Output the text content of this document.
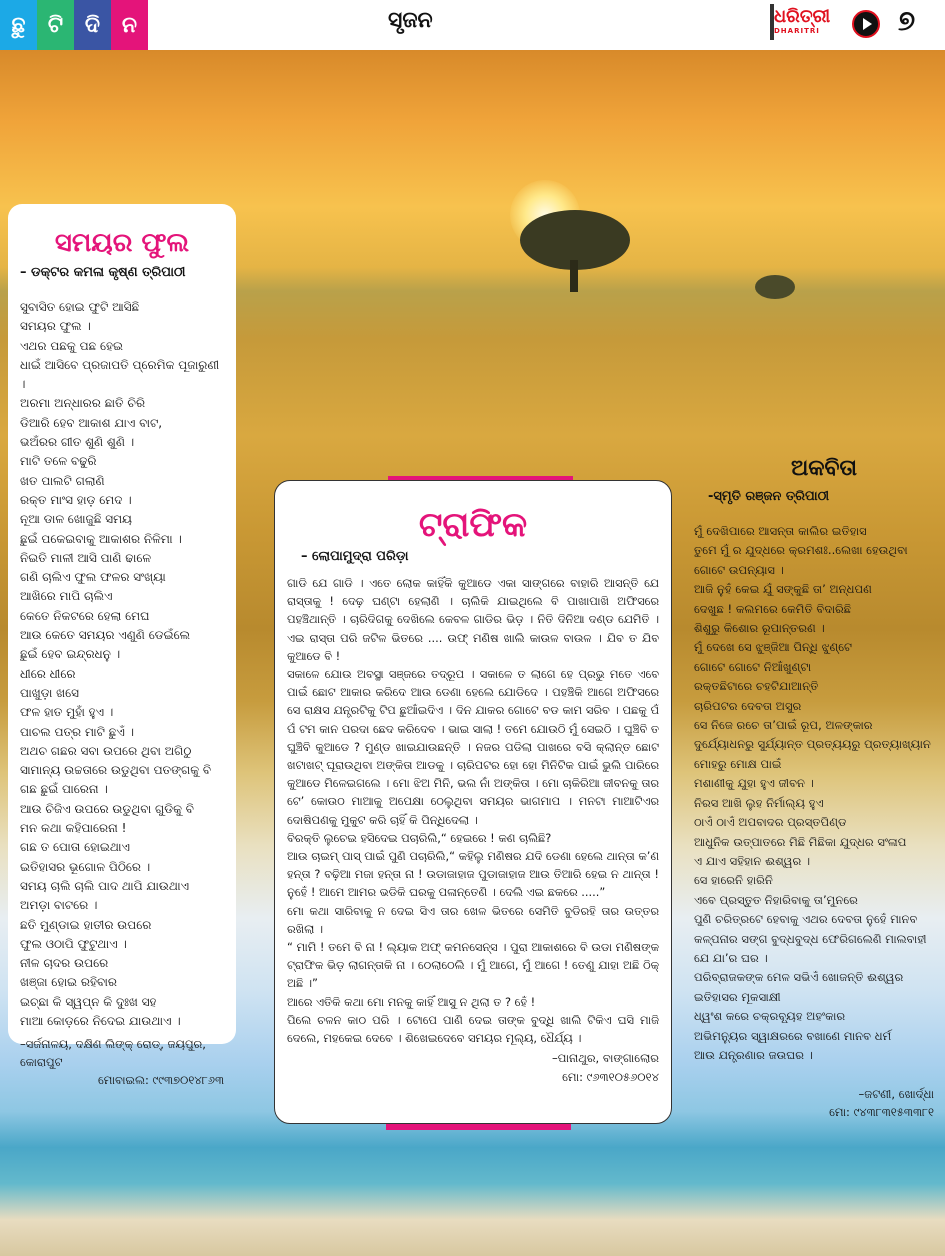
ଛୁ	ଟି ଦି ନ	ସୃଜନ	ଧରିତ୍ରୀ
DHARITRI	୭
ସମୟର ଫୁଲ
– ଡକ୍ଟର କମଳା କୃଷ୍ଣ ତ୍ରିପାଠୀ
ସୁବାସିତ ହୋଇ ଫୁଟି ଆସିଛି
ସମୟର ଫୁଲ ।
ଏଥର ପଛକୁ ପଛ ହେଇ
ଧାଇଁ ଆସିବେ ପ୍ରଜାପତି ପ୍ରେମିକ ପୂଜାରୁଣୀ ।
ଅରମା ଅନ୍ଧାରର ଛାତି ଚିରି
ଡିଆରି ହେବ ଆକାଶ ଯାଏ ବାଟ,
ଭଅଁରର ଗୀତ ଶୁଣି ଶୁଣି ।
ମାଟି ତଳେ ବଢୁରି
ଖତ ପାଲଟି ଗଲାଣି
ରକ୍ତ ମାଂସ ହାଡ଼ ମେଦ ।
ନୂଆ ଡାଳ ଖୋଜୁଛି ସମୟ
ଛୁଇଁ ପକେଇବାକୁ ଆକାଶର ନିଳିମା ।
ନିଇତି ମାଳୀ ଆସି ପାଣି ଢାଳେ
ଗଣି ଚାଲିଏ ଫୁଲ ଫଳର ସଂଖ୍ୟା
ଆଖିରେ ମାପି ଚାଲିଏ
କେତେ ନିକଟରେ ହେଲା ମେଘ
ଆଉ କେତେ ସମୟର ଏଣୁଣି ଡେଇଁଲେ
ଛୁଇଁ ହେବ ଇନ୍ଦ୍ରଧନୁ ।
ଧୀରେ ଧୀରେ
ପାଖୁଡ଼ା ଖସେ
ଫଳ ହାତ ମୁହାଁ ହୁଏ ।
ପାଚଲ ପତ୍ର ମାଟି ଛୁଏଁ ।
ଅଥଚ ଗଛର ସବା ଉପରେ ଥିବା ଅଗିଠୁ
ସାମାନ୍ୟ ଉଚ୍ଚତାରେ ଉଡୁଥିବା ପତଙ୍ଗକୁ ବି
ଗଛ ଛୁଇଁ ପାରେନା ।
ଆଉ ଚିଜିଏ ଉପରେ ଉଡୁଥିବା ଗୁଡିକୁ ବି
ମନ କଥା କହିପାରେନା !
ଗଛ ତ ପୋତା ହୋଇଥାଏ
ଇତିହାସର ଭୂଗୋଳ ପିଠିରେ ।
ସମୟ ଚାଲି ଚାଲି ପାଦ ଥାପି ଯାଉଥାଏ
ଅମଡ଼ା ବାଟରେ ।
ଛତି ମୁଣ୍ଡାଇ ହାତୀର ଉପରେ
ଫୁଲ ଓଠାପି ଫୁଟୁଥାଏ ।
ନୀଳ ଚାଦର ଉପରେ
ଖଞ୍ଜା ହୋଇ ରହିବାର
ଇଚ୍ଛା କି ସ୍ୱପ୍ନ କି ଦୁଃଖ ସହ
ମାଆ କୋଡ଼ରେ ନିଦେଇ ଯାଉଥାଏ ।
–ସର୍ଜନାଳୟ, ଦକ୍ଷିଣ ଲିଙ୍କ୍ ରୋଡ୍, ଜୟପୁର,
କୋରାପୁଟ
ମୋବାଇଲ: ୯୯୩୭୦୧୪୮୬୩
ଟ୍ରାଫିକ
– ଲୋପାମୁଦ୍ରା ପରିଡ଼ା

ଗାଡି ଯେ ଗାଡି । ଏତେ ଲୋକ କାହିଁକି କୁଆଡେ ଏକା ସାଙ୍ଗରେ ବାହାରି ଆସନ୍ତି ଯେ ରାସ୍ତାକୁ ! ଦେଢ଼ ଘଣ୍ଟା ହେଲାଣି । ଚାଲିକି ଯାଇଥିଲେ ବି ପାଖାପାଖି ଅଫିସରେ ପହଞ୍ଚିଥାନ୍ତି । ଚାରିଦିଗକୁ ଦେଖିଲେ କେବଳ ଗାଡିର ଭିଡ଼ । ନିତି ଦିନିଆ ଦଣ୍ଡ ଯେମିତି । ଏଇ ରାସ୍ତା ପରି ଜଟିଳ ଭିତରେ .... ଉଫ୍ ମଣିଷ ଖାଲି କାଉଳ ବାଉଳ । ଯିବ ତ ଯିବ କୁଆଡେ ବି !

ସକାଳେ ଯୋଉ ଅବସ୍ଥା ସଞ୍ଜରେ ତଦ୍ରୂପ । ସକାଳେ ତ ଲାଗେ ହେ ପ୍ରଭୁ ମତେ ଏବେ ପାଇଁ ଛୋଟ ଆକାର କରିଦେ ଆଉ ଡେଣା ହେଲେ ଯୋଡିଦେ । ପହଞ୍ଚିକି ଆଗେ ଅଫିସରେ ସେ ରାକ୍ଷସ ଯନ୍ତ୍ରଟିକୁ ଟିପ ଛୁଆଁଇଦିଏ । ଦିନ ଯାକର ଗୋଟେ ବଡ କାମ ସରିବ । ପଛକୁ ପଁ ପଁ ଟମ କାନ ପରଦା ଛେଦ କରିଦେବ । ଭାଇ ସାଲା ! ତମେ ଯୋଉଠି ମୁଁ ସେଇଠି । ଘୁଞ୍ଚିବି ତ ଘୁଞ୍ଚିବି କୁଆଡେ ? ମୁଣ୍ଡ ଖାଇଯାଉଛନ୍ତି । ନଜର ପଡିଲା ପାଖରେ ବସି କ୍ଲାନ୍ତ ଛୋଟ ଖଟାଖଟ୍ ଘୂରାଉଥିବା ଅଙ୍କିତା ଆଡକୁ । ଚାରିପଟର ହୋ ହୋ ମିନିଟିକ ପାଇଁ ଭୁଲି ପାରିରେ କୁଆଡେ ମିଳେଇଗଲେ । ମୋ ଝିଅ ମିନି, ଭଲ ନାଁ ଅଙ୍କିତା । ମୋ ଚାକିରିଆ ଜୀବନକୁ ତାର ଟେ’ କୋଉଠ ମାଆକୁ ଅପେକ୍ଷା ଠେଲୁଥିବା ସମୟର ଭାଗମାପ । ମନଟା ମାଆଟିଏର ଦୋଷିପଣକୁ ମୁକୁଟ କରି ଚାହିଁ କି ପିନ୍ଧିଦେଲା ।

ବିରକ୍ତି ଲୁଚେଇ ହସିଦେଇ ପଚାରିଲି,“ ହେଇରେ ! କଣ ଚାଲିଛି?

ଆଉ ଚାଇମ୍ ପାସ୍ ପାଇଁ ପୁଣି ପଚାରିଲି,“ କହିଲୁ ମଣିଷର ଯଦି ଡେଣା ହେଲେ ଥାନ୍ତା କ’ଣ ହନ୍ତା ? ବଢ଼ିଆ ମଜା ହନ୍ତା ନା ! ଉଡାଜାହାଜ ପୁଡାଜାହାଜ ଆଉ ତିଆରି ହେଇ ନ ଥାନ୍ତା ! ନୁହେଁ ! ଆମେ ଆମର ଭଡିକି ଘରକୁ ପଳାନ୍ତେଣି । ଦେଲି ଏଇ ଛକରେ .....”

ମୋ କଥା ସାରିବାକୁ ନ ଦେଇ ସିଏ ତାର ଖେଳ ଭିତରେ ସେମିତି ବୁଡିରହି ତାର ଉତ୍ତର ରଖିଲା ।

“ ମାମି ! ତମେ ବି ନା ! ଲ୍ୟାକ ଅଫ୍ କମନସେନ୍ସ । ପୁରା ଆକାଶରେ ବି ଉଡା ମଣିଷଙ୍କ ଟ୍ରାଫିକ ଭିଡ଼ ଲାଗନ୍ତାକି ନା । ଠେଲାଠେଲି । ମୁଁ ଆଗେ, ମୁଁ ଆଗେ ! ତେଣୁ ଯାହା ଅଛି ଠିକ୍ ଅଛି ।”

ଆରେ ଏତିକି କଥା ମୋ ମନକୁ କାହିଁ ଆସୁ ନ ଥିଲା ତ ? ହେଁ !

ପିଲେ ଚଳନ କାଠ ପରି । ଟୋପେ ପାଣି ଦେଇ ତାଙ୍କ ବୁଦ୍ଧି ଖାଲି ଟିକିଏ ଘସି ମାଜି ଦେଲେ, ମହକେଇ ଦେବେ । ଶିଖେଇଦେବେ ସମୟର ମୂଲ୍ୟ, ଧୈର୍ଯ୍ୟ ।

–ପାନାଥୁର, ବାଙ୍ଗାଲୋର
ମୋ: ୯୬୩୧୦୫୬୦୧୪
ଅକବିତା
-ସ୍ମୃତି ରଞ୍ଜନ ତ୍ରିପାଠୀ
ମୁଁ ଦେଖିପାରେ ଆସନ୍ତା କାଲିର ଇତିହାସ
ତୁମେ ମୁଁ ର ଯୁଦ୍ଧରେ କ୍ରମଶଃ..ଲେଖା ହେଉଥିବା
ଗୋଟେ ଉପନ୍ୟାସ ।
ଆଜି ନୁହଁ କେଇ ଯୁଁ ସଙ୍କୁଛି ତା’ ଅନ୍ଧପଣ
ଦେଖୁଛ ! କଲମରେ କେମିତି ବିଦାରିଛି
ଶିଶୁରୁ କିଶୋର ରୂପାନ୍ତରଣ ।
ମୁଁ ଦେଖେ ସେ ଝୁଞ୍ଜିଆ ପିନ୍ଧି ଝୁଣ୍ଟେ
ଗୋଟେ ଗୋଟେ ନିଆଁଖୁଣ୍ଟା
ରକ୍ତଛିଟାରେ ଚହଟିଯାଆନ୍ତି
ଚାରିପଟର ଦେବତା ଅସୁର
ସେ ନିଜେ ରଚେ ତା’ପାଇଁ ରୂପ, ଅଳଙ୍କାର
ଦୁର୍ଯ୍ୟୋଧନରୁ ସୁର୍ଯ୍ୟାନ୍ତ ପ୍ରତ୍ୟୟରୁ ପ୍ରତ୍ୟାଖ୍ୟାନ
ମୋହରୁ ମୋକ୍ଷ ପାଇଁ
ମଶାଣୀକୁ ଯୁହା ହୁଏ ଜୀବନ ।
ନିରସ ଆଖି ଲୁହ ନିର୍ମାଲ୍ୟ ହୁଏ
ଠାଏଁ ଠାଏଁ ଅପବାଦର ପ୍ରସ୍ତପିଣ୍ଡ
ଆଧୁନିକ ଉତ୍ପାତରେ ମିଛି ମିଛିକା ଯୁଦ୍ଧର ସଂଳାପ
ଏ ଯାଏ ସହିହାନ ଈଶ୍ୱର ।
ସେ ହାରେନି ହାରିନି
ଏବେ ପ୍ରସ୍ତୁତ ନିହାରିବାକୁ ତା’ମୁନରେ
ପୁଣି ଚରିତ୍ରଟେ ହେବାକୁ ଏଥର ଦେବତା ନୁହେଁ ମାନବ
କଳ୍ପନାର ସଙ୍ଗ ବୁଦ୍ଧବୁଦ୍ଧ ଫେରିଗଲେଣି ମାଲବାହୀ
ଯେ ଯା’ର ଘର ।
ପରିବ୍ରାଜକଙ୍କ ମେଳ ସଭିଏଁ ଖୋଜନ୍ତି ଈଶ୍ୱର
ଇତିହାସର ମୂକସାକ୍ଷୀ
ଧ୍ୱଂଶ କରେ ଚକ୍ରବ୍ୟୂହ ଅହଂକାର
ଅଭିମନ୍ୟୁର ସ୍ୱାକ୍ଷରରେ ବଖାଣେ ମାନବ ଧର୍ମ
ଆଉ ଯନ୍ତ୍ରଣାର ଜଉଘର ।
–ଜଟଣୀ, ଖୋର୍ଦ୍ଧା
ମୋ: ୯୪୩୮୩୧୫୩୩୮୧
